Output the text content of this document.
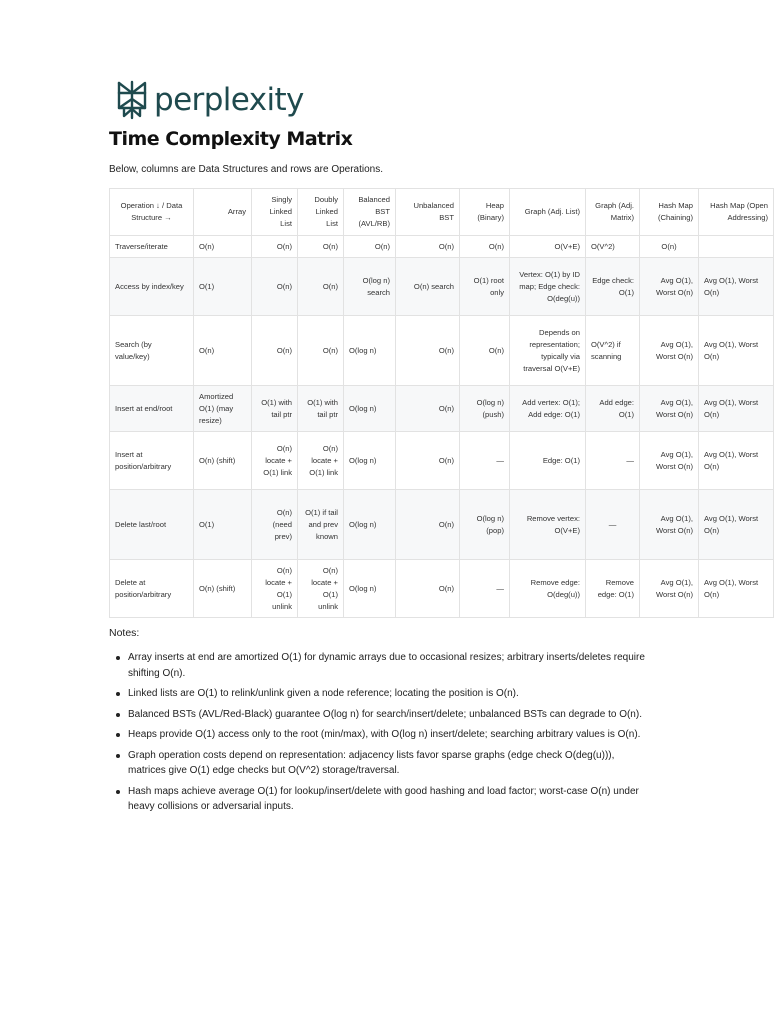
perplexity
Time Complexity Matrix

Below, columns are Data Structures and rows are Operations.

Operation ↓ / Data Structure →	Array	Singly Linked List	Doubly Linked List	Balanced BST (AVL/RB)	Unbalanced BST	Heap (Binary)	Graph (Adj. List)	Graph (Adj. Matrix)	Hash Map (Chaining)	Hash Map (Open Addressing)
Traverse/iterate	O(n)	O(n)	O(n)	O(n)	O(n)	O(n)	O(V+E)	O(V^2)	O(n)	
Access by index/key	O(1)	O(n)	O(n)	O(log n) search	O(n) search	O(1) root only	Vertex: O(1) by ID map; Edge check: O(deg(u))	Edge check: O(1)	Avg O(1), Worst O(n)	Avg O(1), Worst O(n)
Search (by value/key)	O(n)	O(n)	O(n)	O(log n)	O(n)	O(n)	Depends on representation; typically via traversal O(V+E)	O(V^2) if scanning	Avg O(1), Worst O(n)	Avg O(1), Worst O(n)
Insert at end/root	Amortized O(1) (may resize)	O(1) with tail ptr	O(1) with tail ptr	O(log n)	O(n)	O(log n) (push)	Add vertex: O(1); Add edge: O(1)	Add edge: O(1)	Avg O(1), Worst O(n)	Avg O(1), Worst O(n)
Insert at position/arbitrary	O(n) (shift)	O(n) locate + O(1) link	O(n) locate + O(1) link	O(log n)	O(n)	—	Edge: O(1)	—	Avg O(1), Worst O(n)	Avg O(1), Worst O(n)
Delete last/root	O(1)	O(n) (need prev)	O(1) if tail and prev known	O(log n)	O(n)	O(log n) (pop)	Remove vertex: O(V+E)	—	Avg O(1), Worst O(n)	Avg O(1), Worst O(n)
Delete at position/arbitrary	O(n) (shift)	O(n) locate + O(1) unlink	O(n) locate + O(1) unlink	O(log n)	O(n)	—	Remove edge: O(deg(u))	Remove edge: O(1)	Avg O(1), Worst O(n)	Avg O(1), Worst O(n)

Notes:

Array inserts at end are amortized O(1) for dynamic arrays due to occasional resizes; arbitrary inserts/deletes require shifting O(n).
Linked lists are O(1) to relink/unlink given a node reference; locating the position is O(n).
Balanced BSTs (AVL/Red-Black) guarantee O(log n) for search/insert/delete; unbalanced BSTs can degrade to O(n).
Heaps provide O(1) access only to the root (min/max), with O(log n) insert/delete; searching arbitrary values is O(n).
Graph operation costs depend on representation: adjacency lists favor sparse graphs (edge check O(deg(u))), matrices give O(1) edge checks but O(V^2) storage/traversal.
Hash maps achieve average O(1) for lookup/insert/delete with good hashing and load factor; worst-case O(n) under heavy collisions or adversarial inputs.
